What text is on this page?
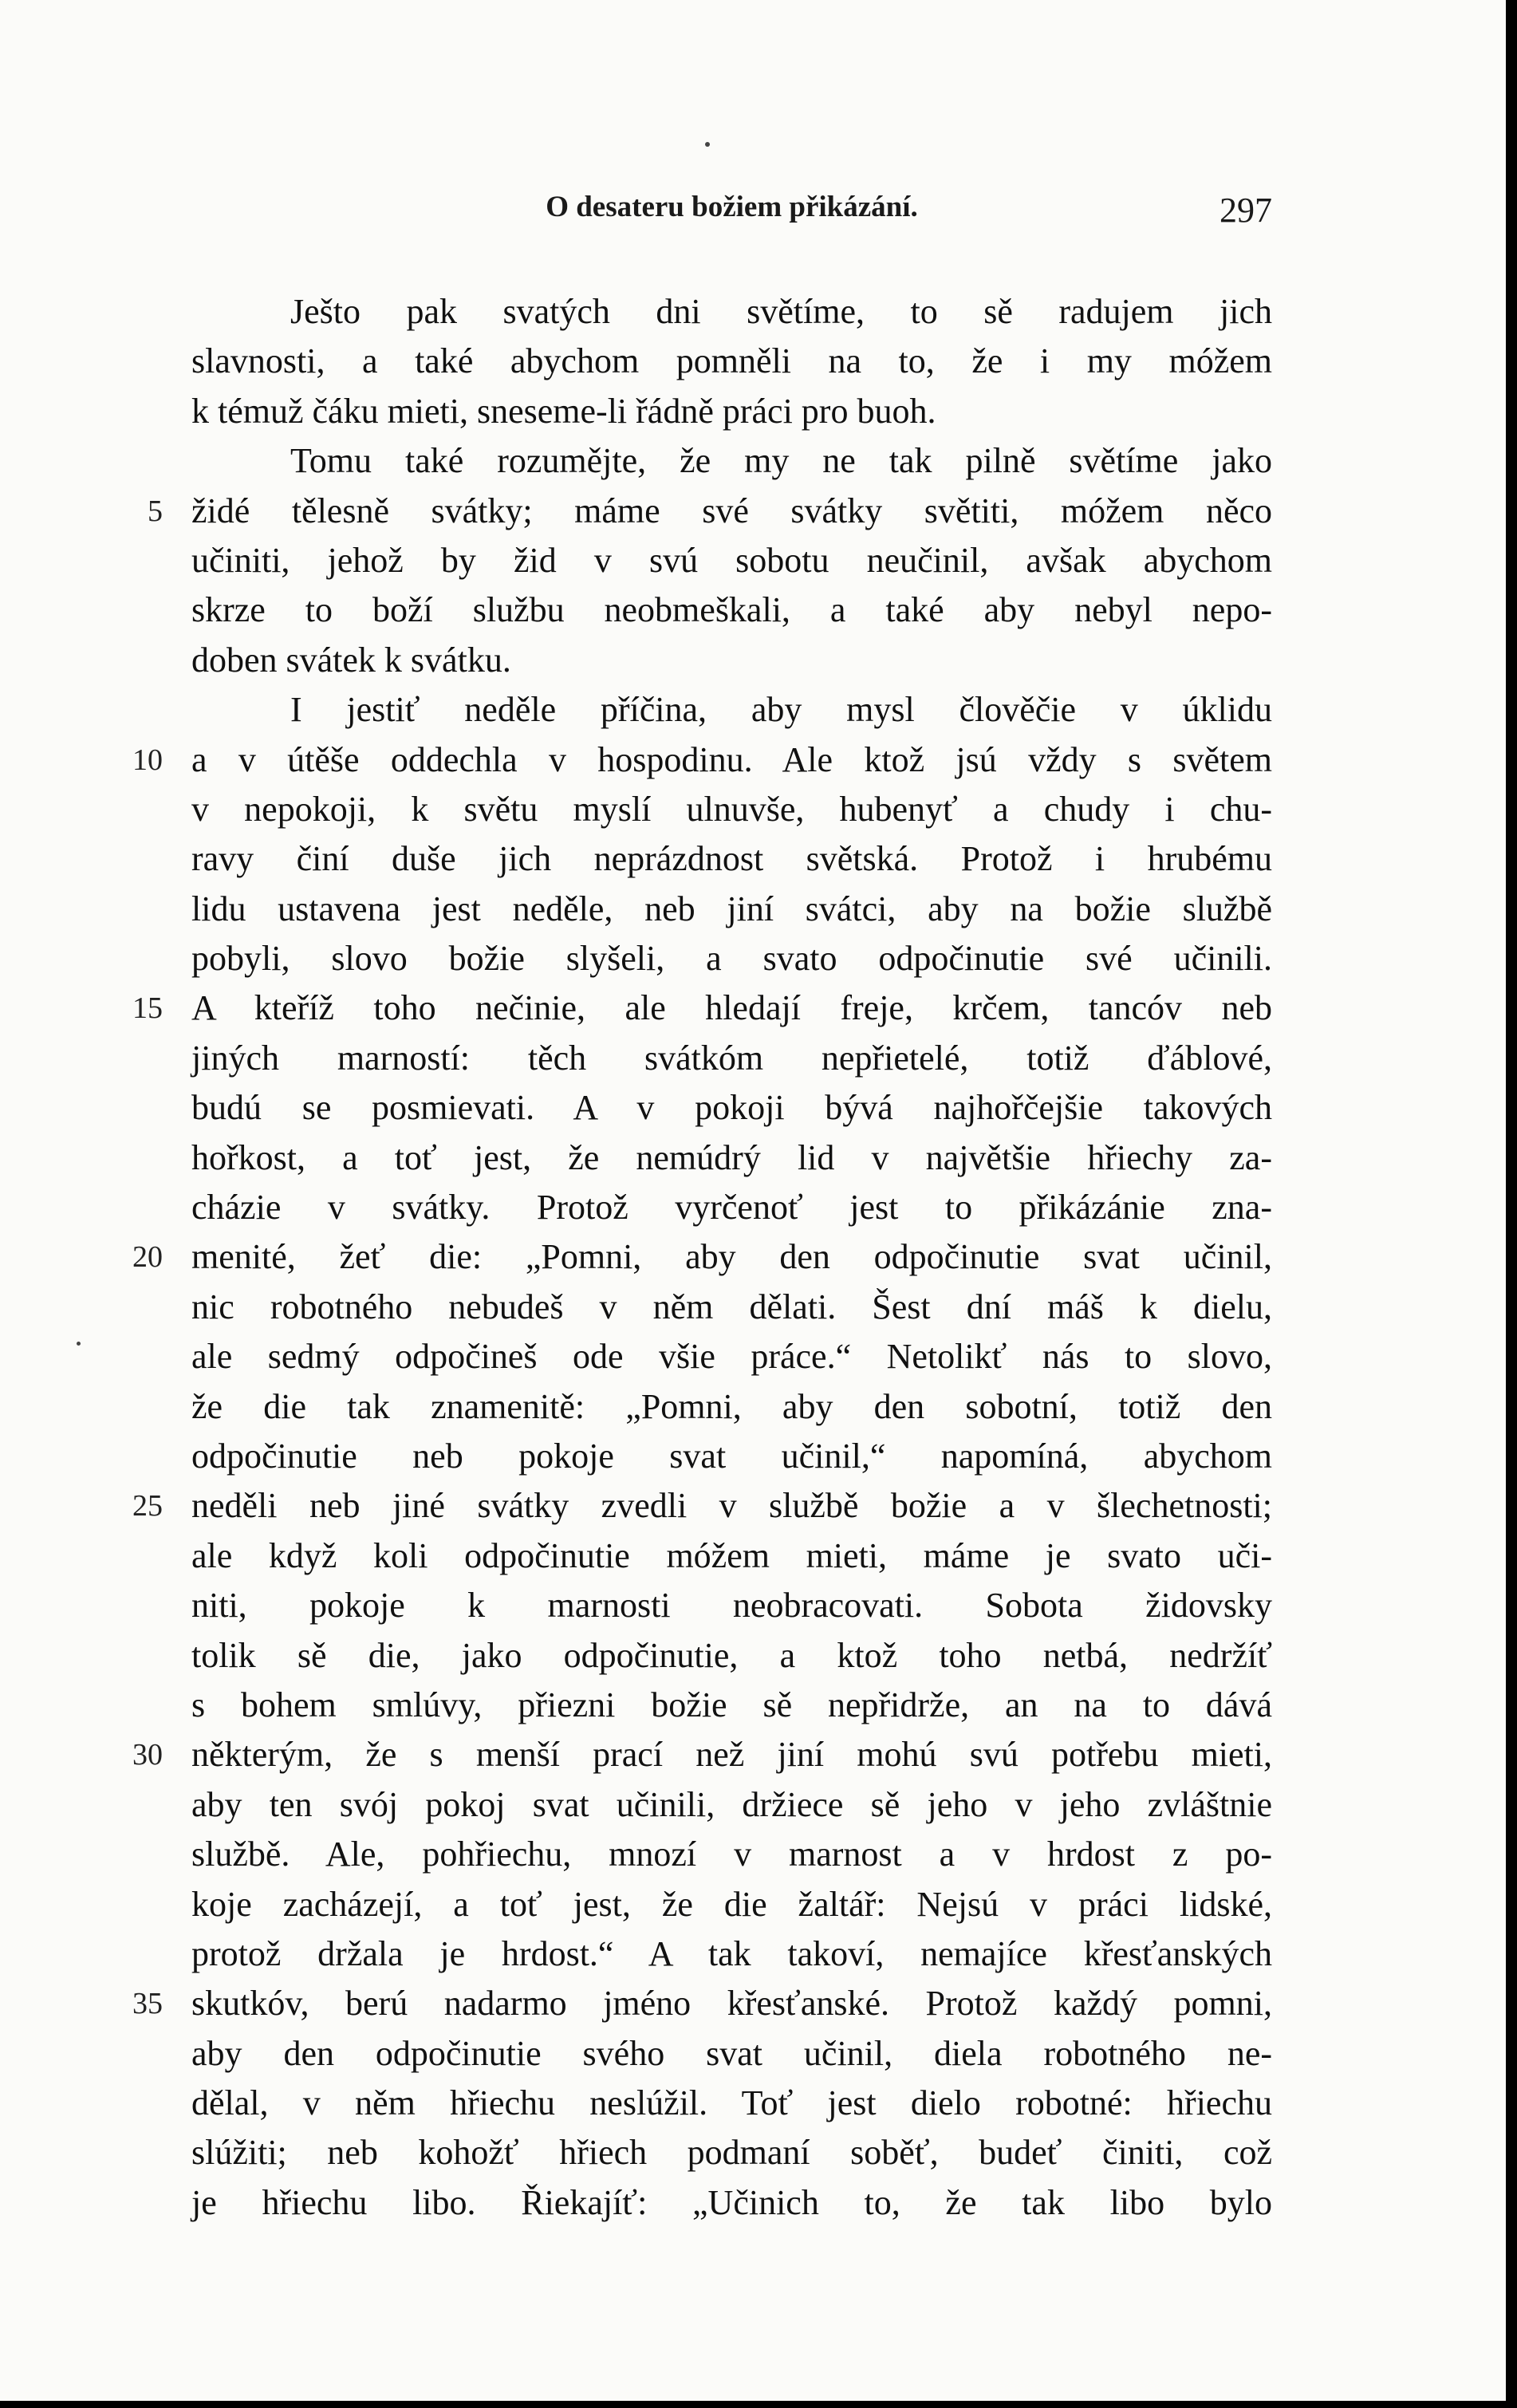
O desateru božiem přikázání.	297
Ješto pak svatých dni světíme, to sě radujem jich
slavnosti, a také abychom pomněli na to, že i my móžem
k témuž čáku mieti, sneseme-li řádně práci pro buoh.
Tomu také rozumějte, že my ne tak pilně světíme jako
5 židé tělesně svátky; máme své svátky světiti, móžem něco
učiniti, jehož by žid v svú sobotu neučinil, avšak abychom
skrze to boží službu neobmeškali, a také aby nebyl nepo-
doben svátek k svátku.
I jestiť neděle příčina, aby mysl člověčie v úklidu
10 a v útěše oddechla v hospodinu. Ale ktož jsú vždy s světem
v nepokoji, k světu myslí ulnuvše, hubenyť a chudy i chu-
ravy činí duše jich neprázdnost světská. Protož i hrubému
lidu ustavena jest neděle, neb jiní svátci, aby na božie službě
pobyli, slovo božie slyšeli, a svato odpočinutie své učinili.
15 A kteříž toho nečinie, ale hledají freje, krčem, tancóv neb
jiných marností: těch svátkóm nepřietelé, totiž ďáblové,
budú se posmievati. A v pokoji bývá najhořčejšie takových
hořkost, a toť jest, že nemúdrý lid v najvětšie hřiechy za-
cházie v svátky. Protož vyrčenoť jest to přikázánie zna-
20 menité, žeť die: „Pomni, aby den odpočinutie svat učinil,
nic robotného nebudeš v něm dělati. Šest dní máš k dielu,
ale sedmý odpočineš ode všie práce.“ Netolikť nás to slovo,
že die tak znamenitě: „Pomni, aby den sobotní, totiž den
odpočinutie neb pokoje svat učinil,“ napomíná, abychom
25 neděli neb jiné svátky zvedli v službě božie a v šlechetnosti;
ale když koli odpočinutie móžem mieti, máme je svato uči-
niti, pokoje k marnosti neobracovati. Sobota židovsky
tolik sě die, jako odpočinutie, a ktož toho netbá, nedržíť
s bohem smlúvy, přiezni božie sě nepřidrže, an na to dává
30 některým, že s menší prací než jiní mohú svú potřebu mieti,
aby ten svój pokoj svat učinili, držiece sě jeho v jeho zvláštnie
službě. Ale, pohřiechu, mnozí v marnost a v hrdost z po-
koje zacházejí, a toť jest, že die žaltář: Nejsú v práci lidské,
protož držala je hrdost.“ A tak takoví, nemajíce křesťanských
35 skutkóv, berú nadarmo jméno křesťanské. Protož každý pomni,
aby den odpočinutie svého svat učinil, diela robotného ne-
dělal, v něm hřiechu neslúžil. Toť jest dielo robotné: hřiechu
slúžiti; neb kohožť hřiech podmaní soběť, budeť činiti, což
je hřiechu libo. Řiekajíť: „Učinich to, že tak libo bylo
